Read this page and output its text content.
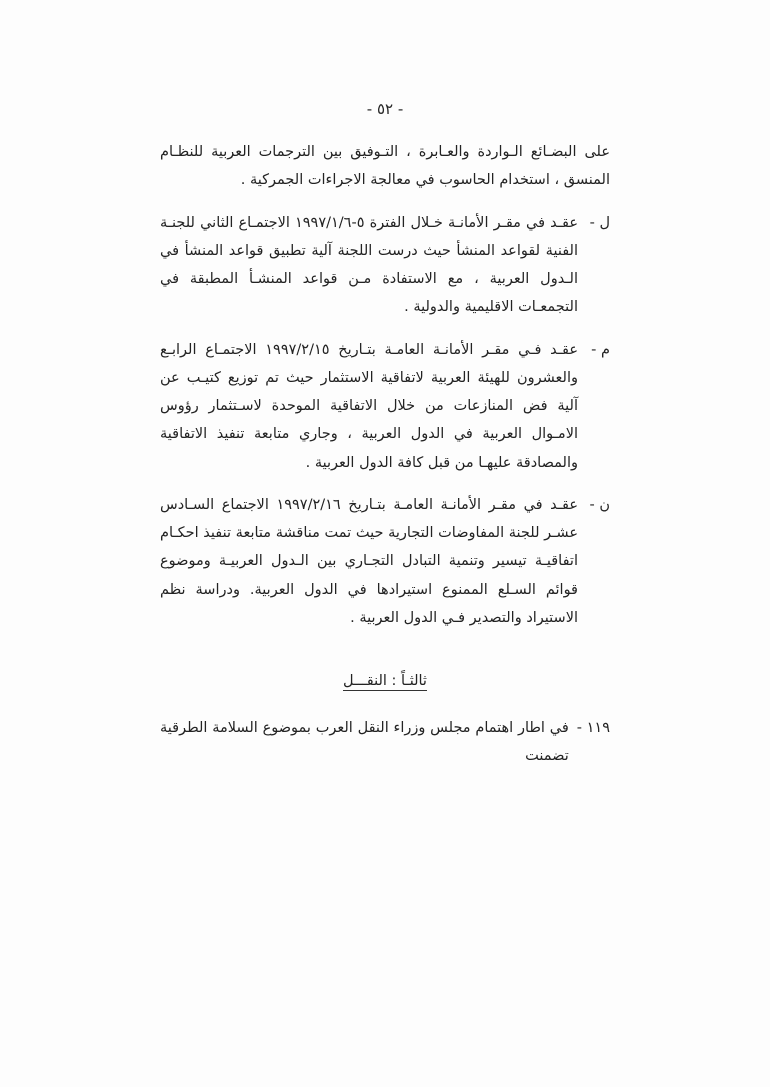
- ٥٢ -

على البضـائع الـواردة والعـابرة ، التـوفيق بين الترجمات العربية للنظـام المنسق ، استخدام الحاسوب في معالجة الاجراءات الجمركية .

ل -
عقـد في مقـر الأمانـة خـلال الفترة ٥-١٩٩٧/١/٦ الاجتمـاع الثاني للجنـة الفنية لقواعد المنشأ حيث درست اللجنة آلية تطبيق قواعد المنشأ في الـدول العربية ، مع الاستفادة مـن قواعد المنشـأ المطبقة في التجمعـات الاقليمية والدولية .
م -
عقـد فـي مقـر الأمانـة العامـة بتـاريخ ١٩٩٧/٢/١٥ الاجتمـاع الرابـع والعشرون للهيئة العربية لاتفاقية الاستثمار حيث تم توزيع كتيـب عن آلية فض المنازعات من خلال الاتفاقية الموحدة لاسـتثمار رؤوس الامـوال العربية في الدول العربية ، وجاري متابعة تنفيذ الاتفاقية والمصادقة عليهـا من قبل كافة الدول العربية .
ن -
عقـد في مقـر الأمانـة العامـة بتـاريخ ١٩٩٧/٢/١٦ الاجتماع السـادس عشـر للجنة المفاوضات التجارية حيث تمت مناقشة متابعة تنفيذ احكـام اتفاقيـة تيسير وتنمية التبادل التجـاري بين الـدول العربيـة وموضوع قوائم السـلع الممنوع استيرادها في الدول العربية. ودراسة نظم الاستيراد والتصدير فـي الدول العربية .
ثالثـاً : النقـــل
١١٩ -
في اطار اهتمام مجلس وزراء النقل العرب بموضوع السلامة الطرقية تضمنت
